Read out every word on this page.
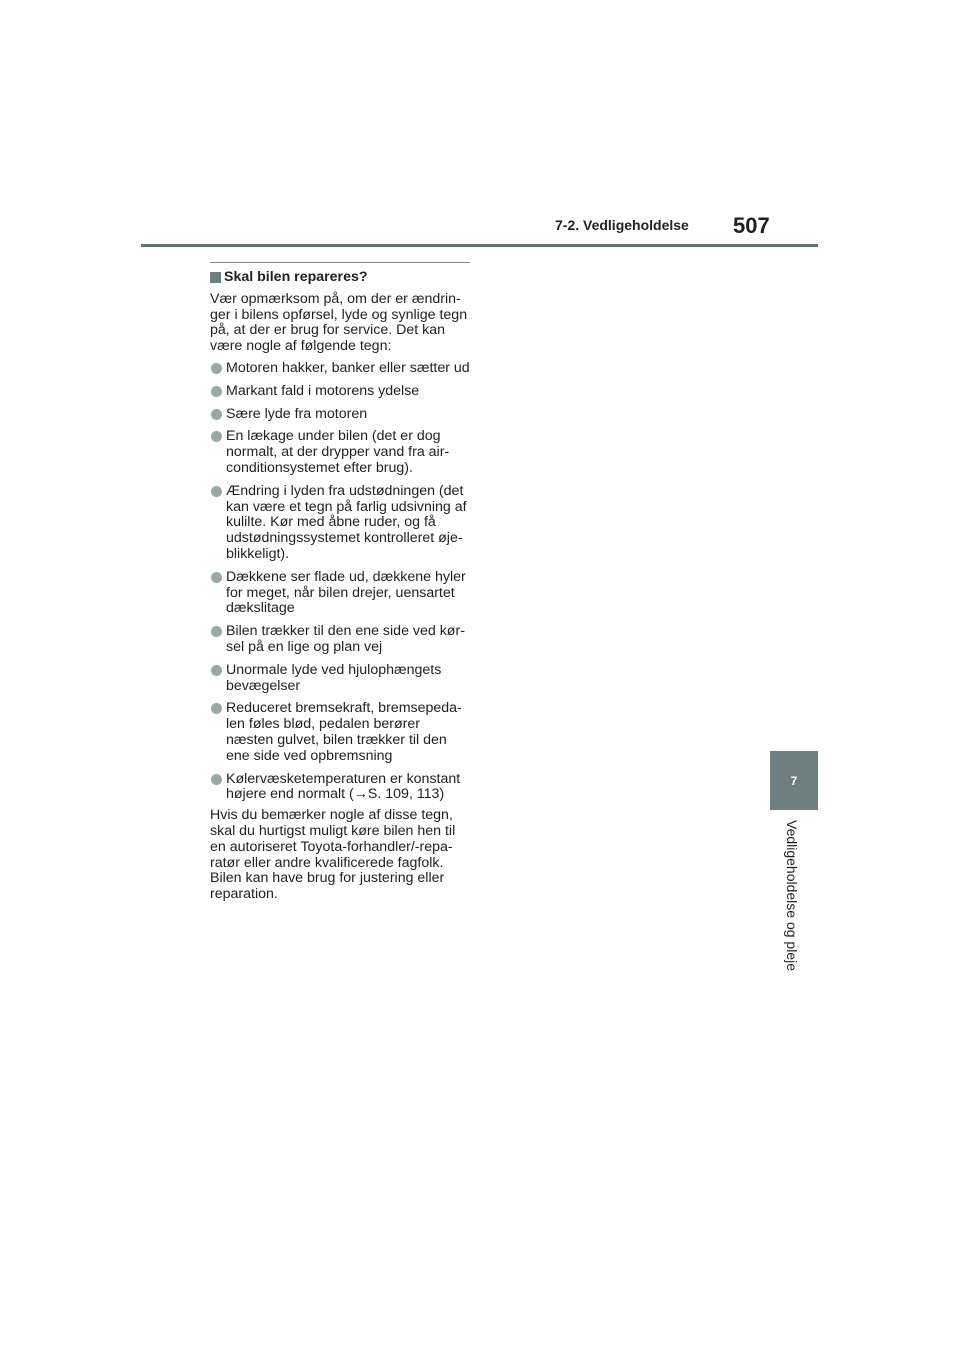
7-2. Vedligeholdelse 507
7
Vedligeholdelse og pleje
Skal bilen repareres?

Vær opmærksom på, om der er ændrin-ger i bilens opførsel, lyde og synlige tegn på, at der er brug for service. Det kan være nogle af følgende tegn:

Motoren hakker, banker eller sætter ud
Markant fald i motorens ydelse
Sære lyde fra motoren
En lækage under bilen (det er dog normalt, at der drypper vand fra air-conditionsystemet efter brug).
Ændring i lyden fra udstødningen (det kan være et tegn på farlig udsivning af kulilte. Kør med åbne ruder, og få udstødningssystemet kontrolleret øje-blikkeligt).
Dækkene ser flade ud, dækkene hyler for meget, når bilen drejer, uensartet dækslitage
Bilen trækker til den ene side ved kør-sel på en lige og plan vej
Unormale lyde ved hjulophængets bevægelser
Reduceret bremsekraft, bremsepeda-len føles blød, pedalen berører næsten gulvet, bilen trækker til den ene side ved opbremsning
Kølervæsketemperaturen er konstant højere end normalt (→S. 109, 113)

Hvis du bemærker nogle af disse tegn, skal du hurtigst muligt køre bilen hen til en autoriseret Toyota-forhandler/-repa-ratør eller andre kvalificerede fagfolk. Bilen kan have brug for justering eller reparation.
